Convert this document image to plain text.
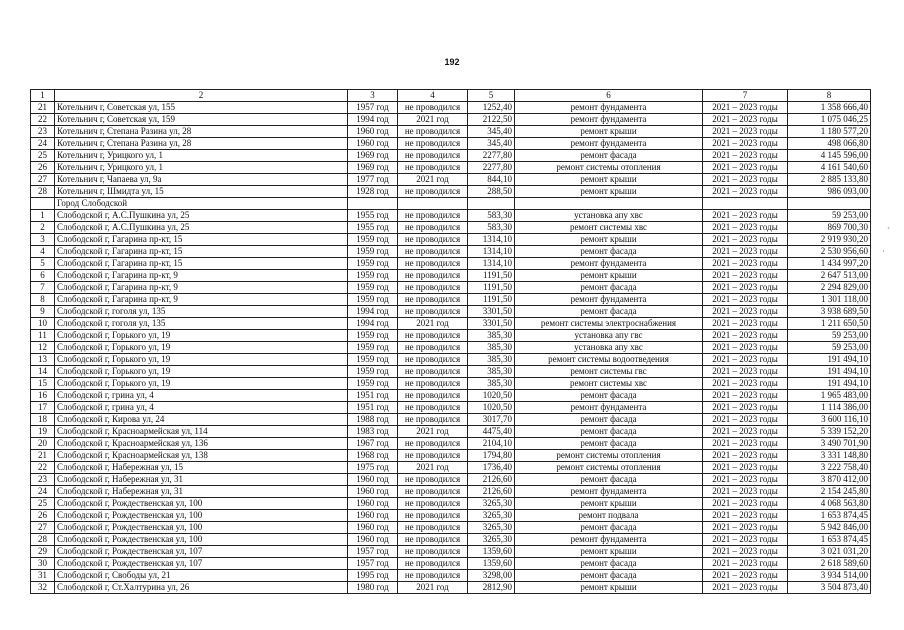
192
1	2	3	4	5	6	7	8
21	Котельнич г, Советская ул, 155	1957 год	не проводился	1252,40	ремонт фундамента	2021 – 2023 годы	1 358 666,40
22	Котельнич г, Советская ул, 159	1994 год	2021 год	2122,50	ремонт фундамента	2021 – 2023 годы	1 075 046,25
23	Котельнич г, Степана Разина ул, 28	1960 год	не проводился	345,40	ремонт крыши	2021 – 2023 годы	1 180 577,20
24	Котельнич г, Степана Разина ул, 28	1960 год	не проводился	345,40	ремонт фундамента	2021 – 2023 годы	498 066,80
25	Котельнич г, Урицкого ул, 1	1969 год	не проводился	2277,80	ремонт фасада	2021 – 2023 годы	4 145 596,00
26	Котельнич г, Урицкого ул, 1	1969 год	не проводился	2277,80	ремонт системы отопления	2021 – 2023 годы	4 161 540,60
27	Котельнич г, Чапаева ул, 9а	1977 год	2021 год	844,10	ремонт крыши	2021 – 2023 годы	2 885 133,80
28	Котельнич г, Шмидта ул, 15	1928 год	не проводился	288,50	ремонт крыши	2021 – 2023 годы	986 093,00
	Город Слободской						
1	Слободской г, А.С.Пушкина ул, 25	1955 год	не проводился	583,30	установка апу хвс	2021 – 2023 годы	59 253,00
2	Слободской г, А.С.Пушкина ул, 25	1955 год	не проводился	583,30	ремонт системы хвс	2021 – 2023 годы	869 700,30
3	Слободской г, Гагарина пр-кт, 15	1959 год	не проводился	1314,10	ремонт крыши	2021 – 2023 годы	2 919 930,20
4	Слободской г, Гагарина пр-кт, 15	1959 год	не проводился	1314,10	ремонт фасада	2021 – 2023 годы	2 530 956,60
5	Слободской г, Гагарина пр-кт, 15	1959 год	не проводился	1314,10	ремонт фундамента	2021 – 2023 годы	1 434 997,20
6	Слободской г, Гагарина пр-кт, 9	1959 год	не проводился	1191,50	ремонт крыши	2021 – 2023 годы	2 647 513,00
7	Слободской г, Гагарина пр-кт, 9	1959 год	не проводился	1191,50	ремонт фасада	2021 – 2023 годы	2 294 829,00
8	Слободской г, Гагарина пр-кт, 9	1959 год	не проводился	1191,50	ремонт фундамента	2021 – 2023 годы	1 301 118,00
9	Слободской г, гоголя ул, 135	1994 год	не проводился	3301,50	ремонт фасада	2021 – 2023 годы	3 938 689,50
10	Слободской г, гоголя ул, 135	1994 год	2021 год	3301,50	ремонт системы электроснабжения	2021 – 2023 годы	1 211 650,50
11	Слободской г, Горького ул, 19	1959 год	не проводился	385,30	установка апу гвс	2021 – 2023 годы	59 253,00
12	Слободской г, Горького ул, 19	1959 год	не проводился	385,30	установка апу хвс	2021 – 2023 годы	59 253,00
13	Слободской г, Горького ул, 19	1959 год	не проводился	385,30	ремонт системы водоотведения	2021 – 2023 годы	191 494,10
14	Слободской г, Горького ул, 19	1959 год	не проводился	385,30	ремонт системы гвс	2021 – 2023 годы	191 494,10
15	Слободской г, Горького ул, 19	1959 год	не проводился	385,30	ремонт системы хвс	2021 – 2023 годы	191 494,10
16	Слободской г, грина ул, 4	1951 год	не проводился	1020,50	ремонт фасада	2021 – 2023 годы	1 965 483,00
17	Слободской г, грина ул, 4	1951 год	не проводился	1020,50	ремонт фундамента	2021 – 2023 годы	1 114 386,00
18	Слободской г, Кирова ул, 24	1988 год	не проводился	3017,70	ремонт фасада	2021 – 2023 годы	3 600 116,10
19	Слободской г, Красноармейская ул, 114	1983 год	2021 год	4475,40	ремонт фасада	2021 – 2023 годы	5 339 152,20
20	Слободской г, Красноармейская ул, 136	1967 год	не проводился	2104,10	ремонт фасада	2021 – 2023 годы	3 490 701,90
21	Слободской г, Красноармейская ул, 138	1968 год	не проводился	1794,80	ремонт системы отопления	2021 – 2023 годы	3 331 148,80
22	Слободской г, Набережная ул, 15	1975 год	2021 год	1736,40	ремонт системы отопления	2021 – 2023 годы	3 222 758,40
23	Слободской г, Набережная ул, 31	1960 год	не проводился	2126,60	ремонт фасада	2021 – 2023 годы	3 870 412,00
24	Слободской г, Набережная ул, 31	1960 год	не проводился	2126,60	ремонт фундамента	2021 – 2023 годы	2 154 245,80
25	Слободской г, Рождественская ул, 100	1960 год	не проводился	3265,30	ремонт крыши	2021 – 2023 годы	4 068 563,80
26	Слободской г, Рождественская ул, 100	1960 год	не проводился	3265,30	ремонт подвала	2021 – 2023 годы	1 653 874,45
27	Слободской г, Рождественская ул, 100	1960 год	не проводился	3265,30	ремонт фасада	2021 – 2023 годы	5 942 846,00
28	Слободской г, Рождественская ул, 100	1960 год	не проводился	3265,30	ремонт фундамента	2021 – 2023 годы	1 653 874,45
29	Слободской г, Рождественская ул, 107	1957 год	не проводился	1359,60	ремонт крыши	2021 – 2023 годы	3 021 031,20
30	Слободской г, Рождественская ул, 107	1957 год	не проводился	1359,60	ремонт фасада	2021 – 2023 годы	2 618 589,60
31	Слободской г, Свободы ул, 21	1995 год	не проводился	3298,00	ремонт фасада	2021 – 2023 годы	3 934 514,00
32	Слободской г, Ст.Халтурина ул, 26	1980 год	2021 год	2812,90	ремонт крыши	2021 – 2023 годы	3 504 873,40
ˊ
·
